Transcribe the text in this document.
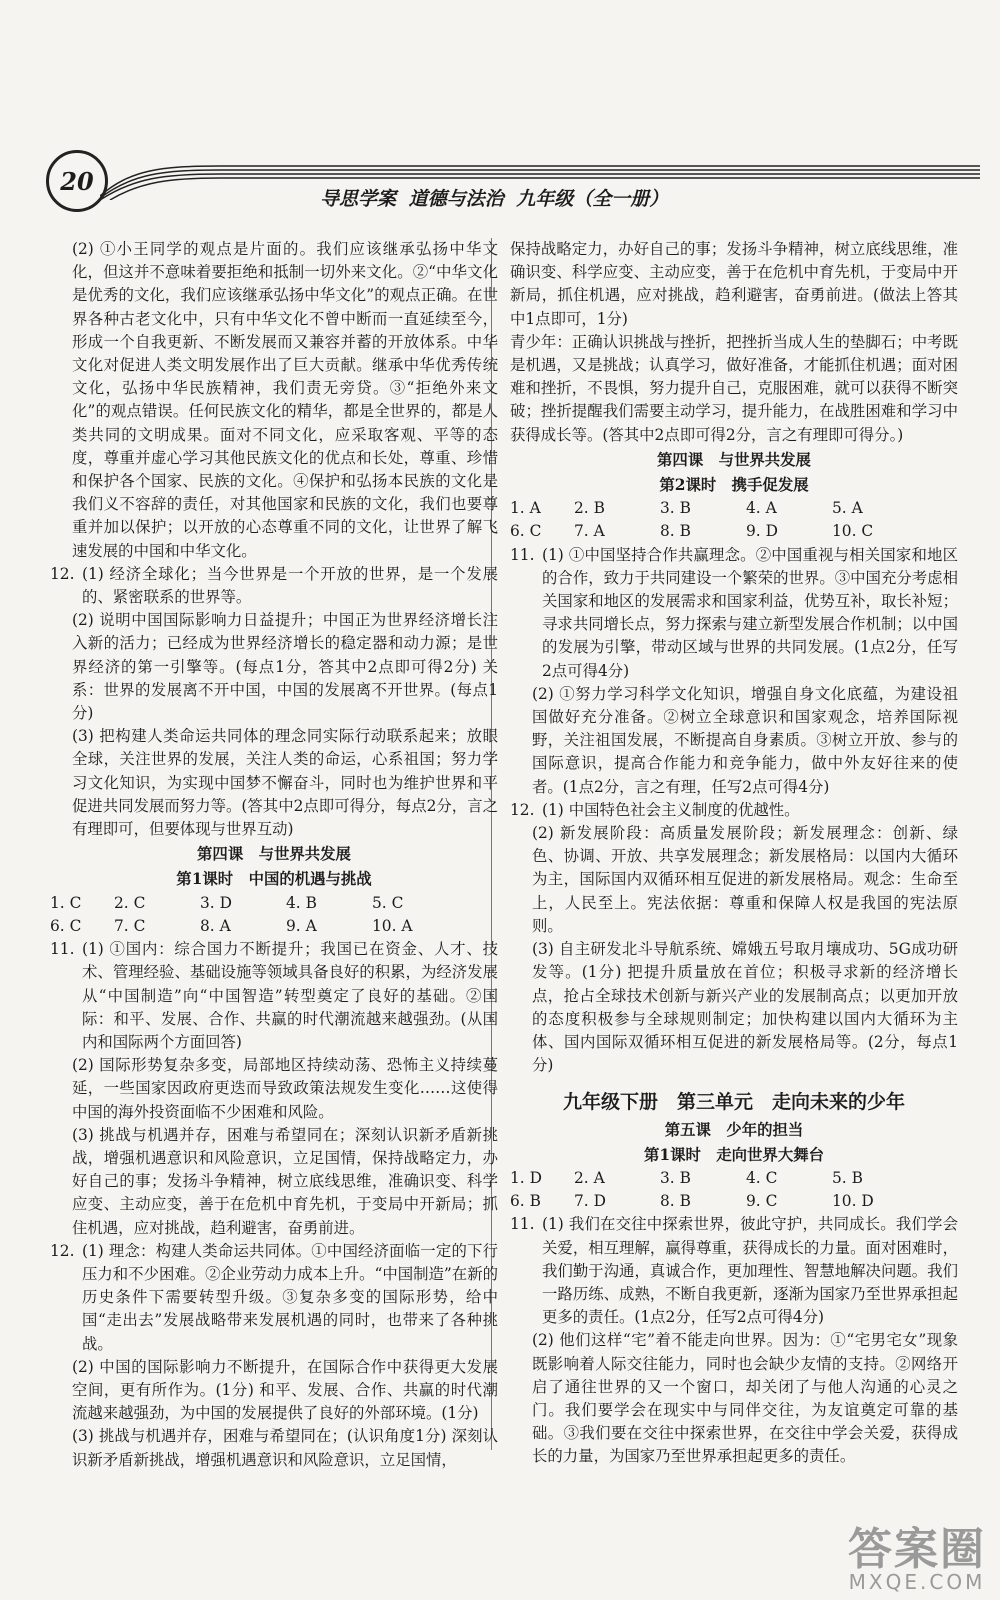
20
导思学案 道德与法治 九年级（全一册）

(2) ①小王同学的观点是片面的。我们应该继承弘扬中华文化，但这并不意味着要拒绝和抵制一切外来文化。②“中华文化是优秀的文化，我们应该继承弘扬中华文化”的观点正确。在世界各种古老文化中，只有中华文化不曾中断而一直延续至今，形成一个自我更新、不断发展而又兼容并蓄的开放体系。中华文化对促进人类文明发展作出了巨大贡献。继承中华优秀传统文化，弘扬中华民族精神，我们责无旁贷。③“拒绝外来文化”的观点错误。任何民族文化的精华，都是全世界的，都是人类共同的文明成果。面对不同文化，应采取客观、平等的态度，尊重并虚心学习其他民族文化的优点和长处，尊重、珍惜和保护各个国家、民族的文化。④保护和弘扬本民族的文化是我们义不容辞的责任，对其他国家和民族的文化，我们也要尊重并加以保护；以开放的心态尊重不同的文化，让世界了解飞速发展的中国和中华文化。

12. (1) 经济全球化；当今世界是一个开放的世界，是一个发展的、紧密联系的世界等。

(2) 说明中国国际影响力日益提升；中国正为世界经济增长注入新的活力；已经成为世界经济增长的稳定器和动力源；是世界经济的第一引擎等。(每点1分，答其中2点即可得2分) 关系：世界的发展离不开中国，中国的发展离不开世界。(每点1分)

(3) 把构建人类命运共同体的理念同实际行动联系起来；放眼全球，关注世界的发展，关注人类的命运，心系祖国；努力学习文化知识，为实现中国梦不懈奋斗，同时也为维护世界和平促进共同发展而努力等。(答其中2点即可得分，每点2分，言之有理即可，但要体现与世界互动)

第四课　与世界共发展

第1课时　中国的机遇与挑战

1. C	2. C	3. D	4. B	5. C
6. C	7. C	8. A	9. A	10. A
11. (1) ①国内：综合国力不断提升；我国已在资金、人才、技术、管理经验、基础设施等领域具备良好的积累，为经济发展从“中国制造”向“中国智造”转型奠定了良好的基础。②国际：和平、发展、合作、共赢的时代潮流越来越强劲。(从国内和国际两个方面回答)

(2) 国际形势复杂多变，局部地区持续动荡、恐怖主义持续蔓延，一些国家因政府更迭而导致政策法规发生变化……这使得中国的海外投资面临不少困难和风险。

(3) 挑战与机遇并存，困难与希望同在；深刻认识新矛盾新挑战，增强机遇意识和风险意识，立足国情，保持战略定力，办好自己的事；发扬斗争精神，树立底线思维，准确识变、科学应变、主动应变，善于在危机中育先机，于变局中开新局；抓住机遇，应对挑战，趋利避害，奋勇前进。

12. (1) 理念：构建人类命运共同体。①中国经济面临一定的下行压力和不少困难。②企业劳动力成本上升。“中国制造”在新的历史条件下需要转型升级。③复杂多变的国际形势，给中国“走出去”发展战略带来发展机遇的同时，也带来了各种挑战。

(2) 中国的国际影响力不断提升，在国际合作中获得更大发展空间，更有所作为。(1分) 和平、发展、合作、共赢的时代潮流越来越强劲，为中国的发展提供了良好的外部环境。(1分)

(3) 挑战与机遇并存，困难与希望同在；(认识角度1分) 深刻认识新矛盾新挑战，增强机遇意识和风险意识，立足国情，

保持战略定力，办好自己的事；发扬斗争精神，树立底线思维，准确识变、科学应变、主动应变，善于在危机中育先机，于变局中开新局，抓住机遇，应对挑战，趋利避害，奋勇前进。(做法上答其中1点即可，1分)

青少年：正确认识挑战与挫折，把挫折当成人生的垫脚石；中考既是机遇，又是挑战；认真学习，做好准备，才能抓住机遇；面对困难和挫折，不畏惧，努力提升自己，克服困难，就可以获得不断突破；挫折提醒我们需要主动学习，提升能力，在战胜困难和学习中获得成长等。(答其中2点即可得2分，言之有理即可得分。)

第四课　与世界共发展

第2课时　携手促发展

1. A	2. B	3. B	4. A	5. A
6. C	7. A	8. B	9. D	10. C
11. (1) ①中国坚持合作共赢理念。②中国重视与相关国家和地区的合作，致力于共同建设一个繁荣的世界。③中国充分考虑相关国家和地区的发展需求和国家利益，优势互补，取长补短；寻求共同增长点，努力探索与建立新型发展合作机制；以中国的发展为引擎，带动区域与世界的共同发展。(1点2分，任写2点可得4分)

(2) ①努力学习科学文化知识，增强自身文化底蕴，为建设祖国做好充分准备。②树立全球意识和国家观念，培养国际视野，关注祖国发展，不断提高自身素质。③树立开放、参与的国际意识，提高合作能力和竞争能力，做中外友好往来的使者。(1点2分，言之有理，任写2点可得4分)

12. (1) 中国特色社会主义制度的优越性。

(2) 新发展阶段：高质量发展阶段；新发展理念：创新、绿色、协调、开放、共享发展理念；新发展格局：以国内大循环为主，国际国内双循环相互促进的新发展格局。观念：生命至上，人民至上。宪法依据：尊重和保障人权是我国的宪法原则。

(3) 自主研发北斗导航系统、嫦娥五号取月壤成功、5G成功研发等。(1分) 把提升质量放在首位；积极寻求新的经济增长点，抢占全球技术创新与新兴产业的发展制高点；以更加开放的态度积极参与全球规则制定；加快构建以国内大循环为主体、国内国际双循环相互促进的新发展格局等。(2分，每点1分)

九年级下册　第三单元　走向未来的少年

第五课　少年的担当

第1课时　走向世界大舞台

1. D	2. A	3. B	4. C	5. B
6. B	7. D	8. B	9. C	10. D
11. (1) 我们在交往中探索世界，彼此守护，共同成长。我们学会关爱，相互理解，赢得尊重，获得成长的力量。面对困难时，我们勤于沟通，真诚合作，更加理性、智慧地解决问题。我们一路历练、成熟，不断自我更新，逐渐为国家乃至世界承担起更多的责任。(1点2分，任写2点可得4分)

(2) 他们这样“宅”着不能走向世界。因为：①“宅男宅女”现象既影响着人际交往能力，同时也会缺少友情的支持。②网络开启了通往世界的又一个窗口，却关闭了与他人沟通的心灵之门。我们要学会在现实中与同伴交往，为友谊奠定可靠的基础。③我们要在交往中探索世界，在交往中学会关爱，获得成长的力量，为国家乃至世界承担起更多的责任。

答案圈
MXQE.COM
